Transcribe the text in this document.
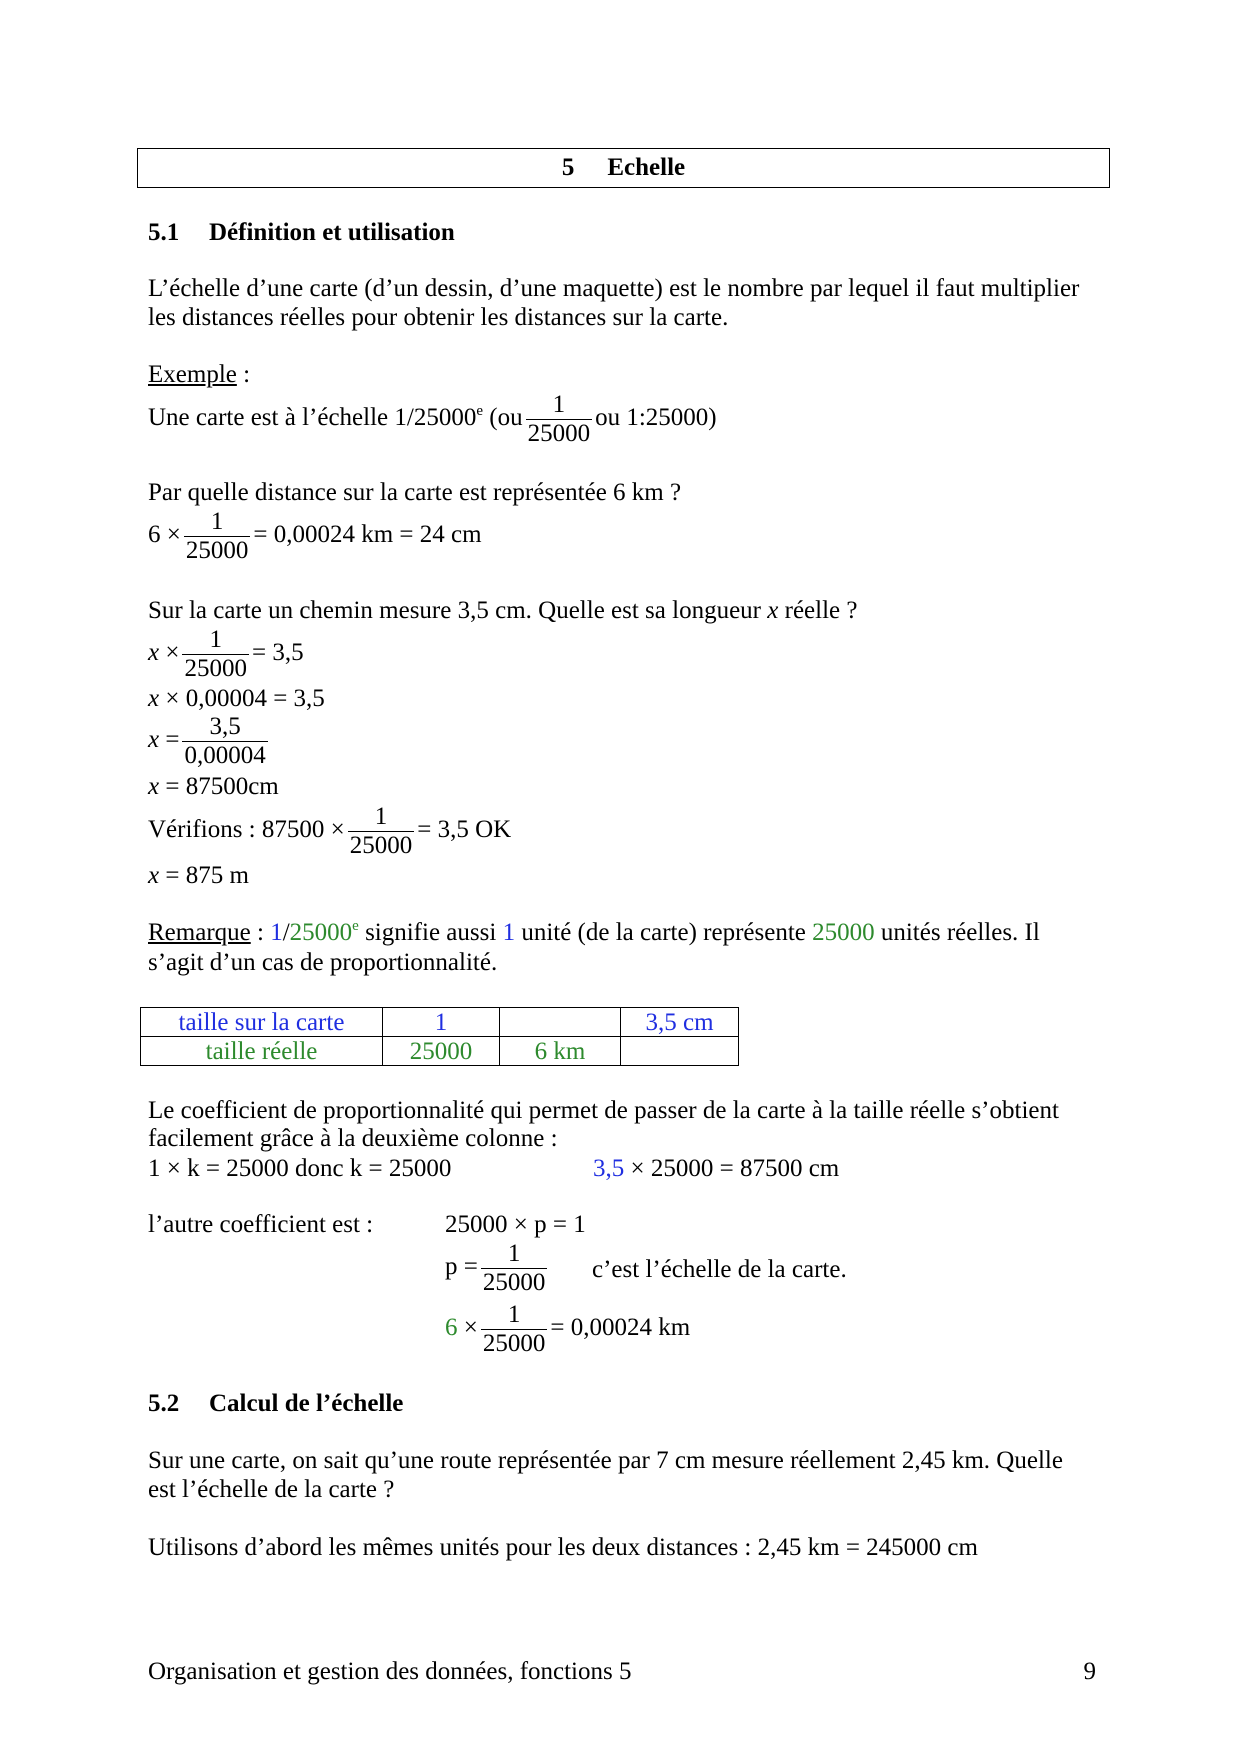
5 Echelle
5.1 Définition et utilisation
L’échelle d’une carte (d’un dessin, d’une maquette) est le nombre par lequel il faut multiplier
les distances réelles pour obtenir les distances sur la carte.
Exemple :
Une carte est à l’échelle 1/25000e ($ou \frac{1}{25000}$ ou 1:25000)
Par quelle distance sur la carte est représentée 6 km ?
$6 \times \frac{1}{25000} = 0,00024$ km = 24 cm
Sur la carte un chemin mesure 3,5 cm. Quelle est sa longueur x réelle ?
$x \times \frac{1}{25000} = 3,5$
x × 0,00004 = 3,5
$x = \frac{3,5}{0,00004}$
x = 87500cm
Vérifions : $87500 \times \frac{1}{25000} = 3,5$ OK
x = 875 m
Remarque : 1/25000e signifie aussi 1 unité (de la carte) représente 25000 unités réelles. Il
s’agit d’un cas de proportionnalité.
taille sur la carte	1		3,5 cm
taille réelle	25000	6 km	
Le coefficient de proportionnalité qui permet de passer de la carte à la taille réelle s’obtient
facilement grâce à la deuxième colonne :
1 × k = 25000 donc k = 25000	3,5 × 25000 = 87500 cm
l’autre coefficient est :	25000 × p = 1
$p = \frac{1}{25000}$ c’est l’échelle de la carte.
$6 \times \frac{1}{25000} = 0,00024$ km
5.2 Calcul de l’échelle
Sur une carte, on sait qu’une route représentée par 7 cm mesure réellement 2,45 km. Quelle
est l’échelle de la carte ?
Utilisons d’abord les mêmes unités pour les deux distances : 2,45 km = 245000 cm
Organisation et gestion des données, fonctions 5	9
